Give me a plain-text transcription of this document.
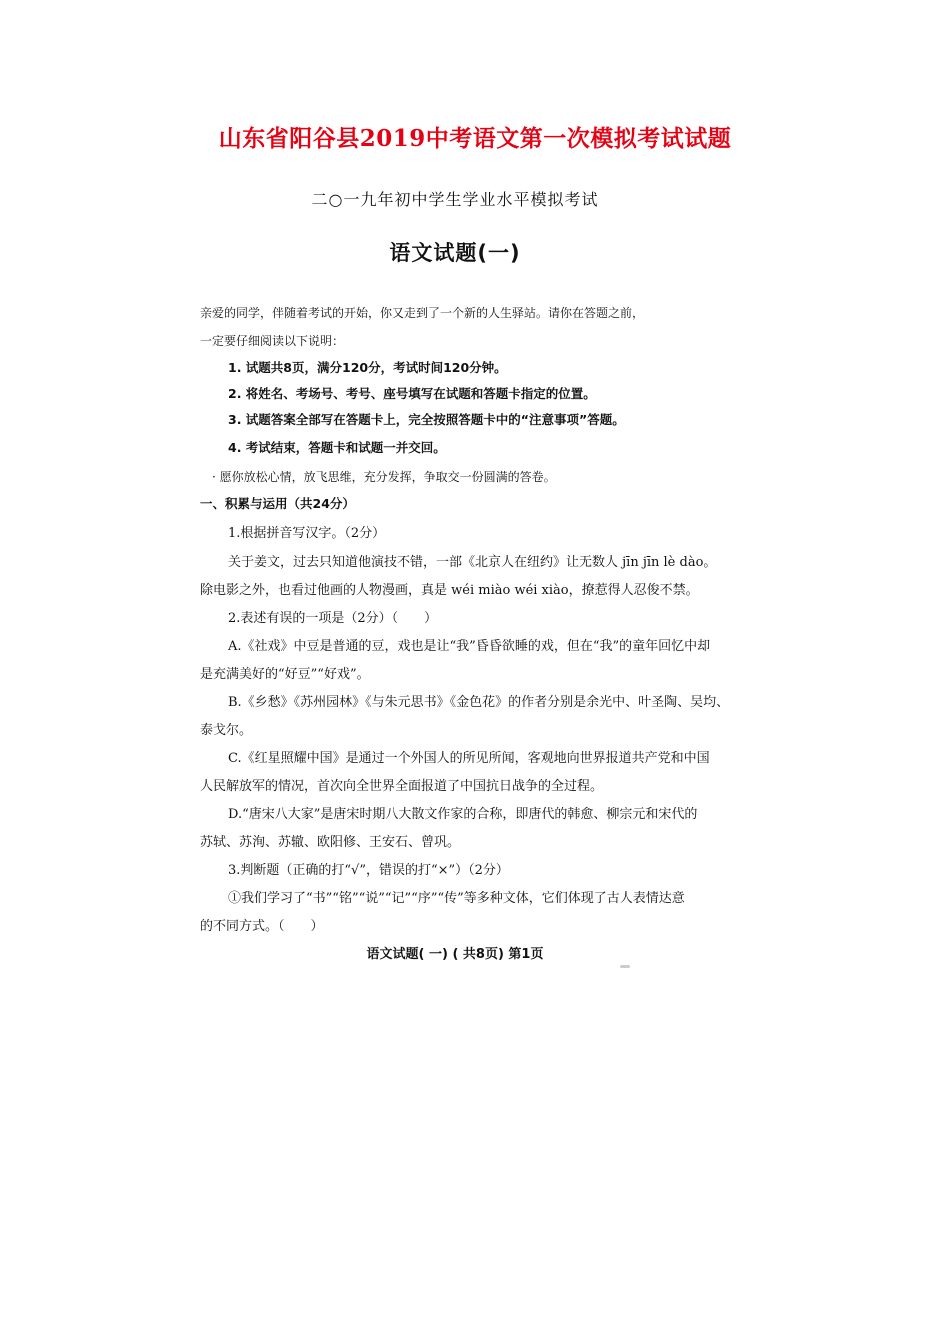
山东省阳谷县2019中考语文第一次模拟考试试题
二○一九年初中学生学业水平模拟考试
语文试题(一)
亲爱的同学，伴随着考试的开始，你又走到了一个新的人生驿站。请你在答题之前，
一定要仔细阅读以下说明：
1. 试题共8页，满分120分，考试时间120分钟。
2. 将姓名、考场号、考号、座号填写在试题和答题卡指定的位置。
3. 试题答案全部写在答题卡上，完全按照答题卡中的“注意事项”答题。
4. 考试结束，答题卡和试题一并交回。
· 愿你放松心情，放飞思维，充分发挥，争取交一份圆满的答卷。
一、积累与运用（共24分）
1.根据拼音写汉字。（2分）
关于姜文，过去只知道他演技不错，一部《北京人在纽约》让无数人 jīn jīn lè dào。
除电影之外，也看过他画的人物漫画，真是 wéi miào wéi xiào，撩惹得人忍俊不禁。
2.表述有误的一项是（2分）（　　）
A.《社戏》中豆是普通的豆，戏也是让“我”昏昏欲睡的戏，但在“我”的童年回忆中却
是充满美好的“好豆”“好戏”。
B.《乡愁》《苏州园林》《与朱元思书》《金色花》的作者分别是余光中、叶圣陶、吴均、
泰戈尔。
C.《红星照耀中国》是通过一个外国人的所见所闻，客观地向世界报道共产党和中国
人民解放军的情况，首次向全世界全面报道了中国抗日战争的全过程。
D.“唐宋八大家”是唐宋时期八大散文作家的合称，即唐代的韩愈、柳宗元和宋代的
苏轼、苏洵、苏辙、欧阳修、王安石、曾巩。
3.判断题（正确的打“√”，错误的打“×”）（2分）
①我们学习了“书”“铭”“说”“记”“序”“传”等多种文体，它们体现了古人表情达意
的不同方式。（　　）
语文试题( 一) ( 共8页) 第1页
